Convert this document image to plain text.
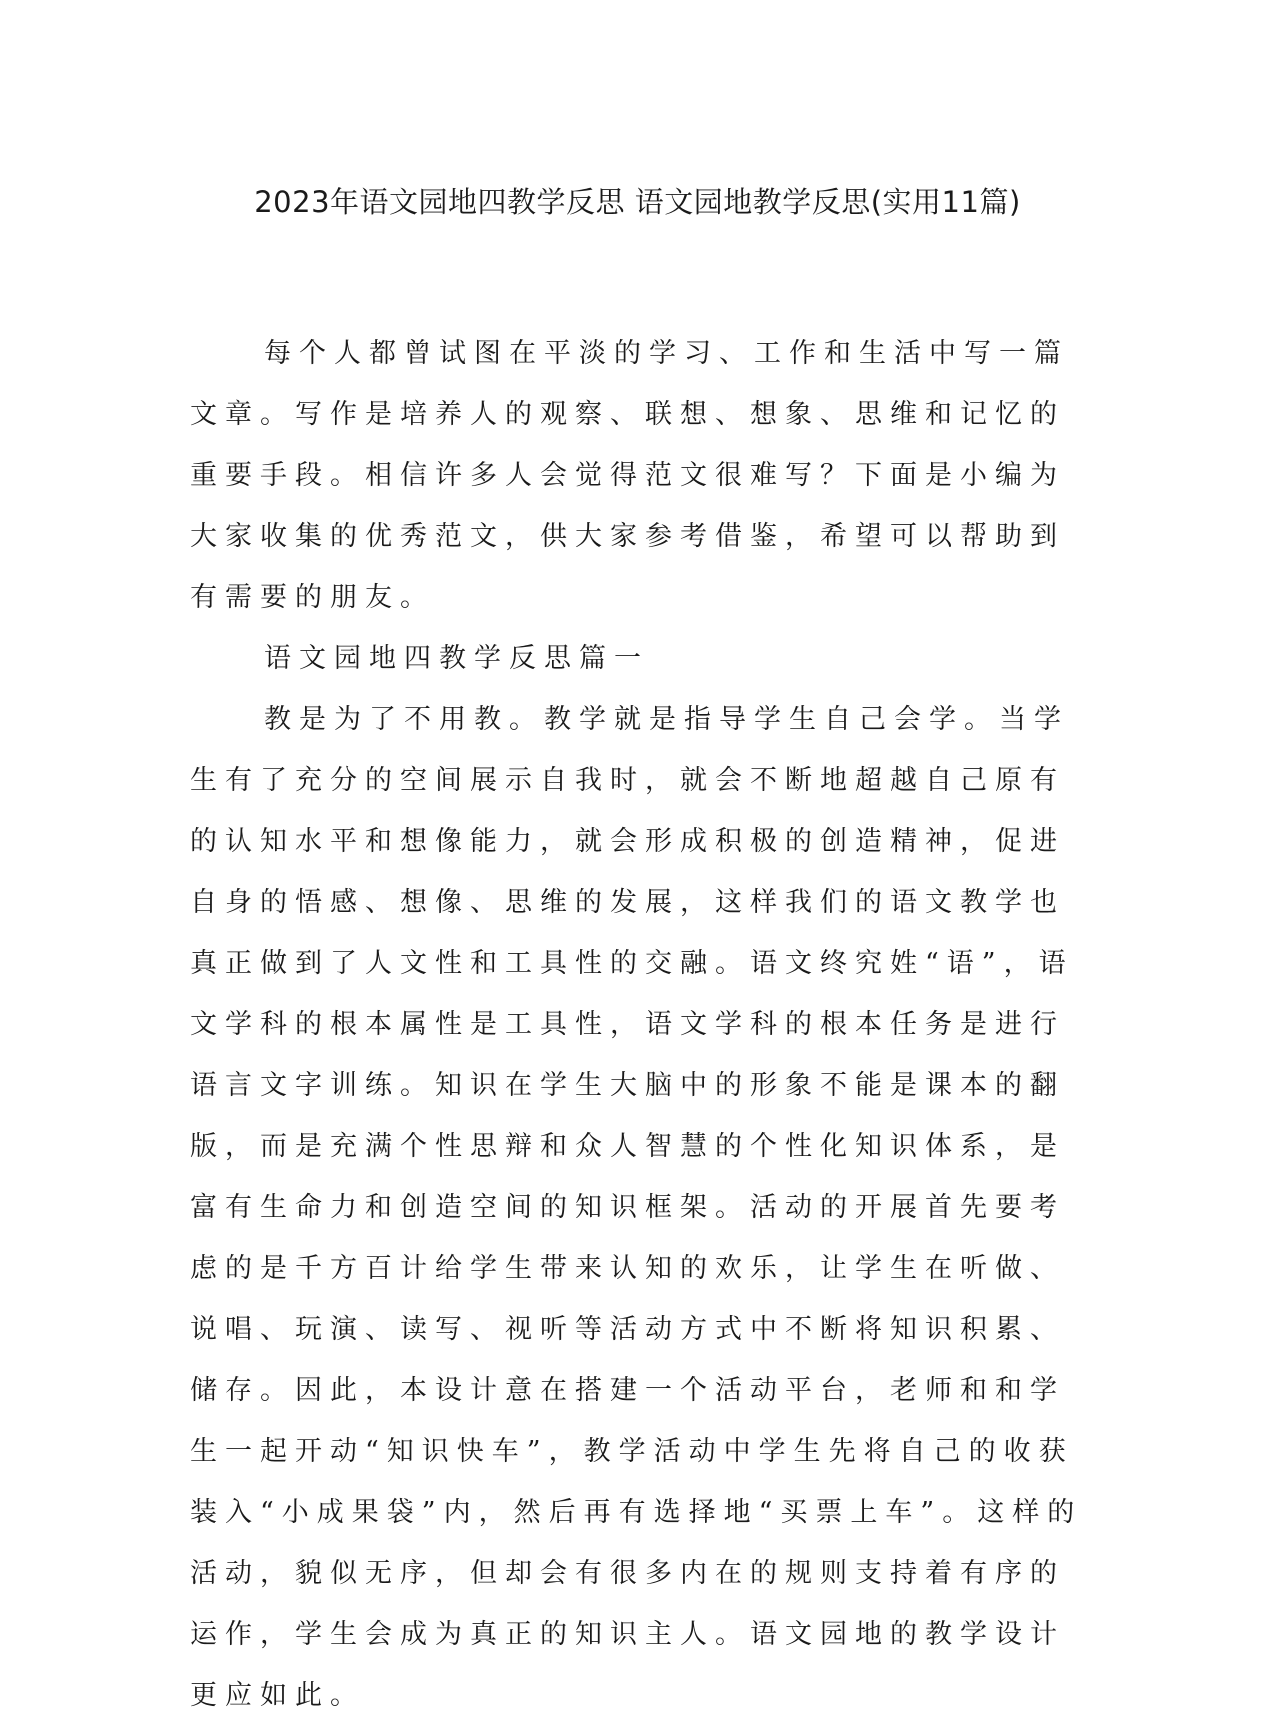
2023年语文园地四教学反思 语文园地教学反思(实用11篇)

每个人都曾试图在平淡的学习、工作和生活中写一篇文章。写作是培养人的观察、联想、想象、思维和记忆的重要手段。相信许多人会觉得范文很难写？下面是小编为大家收集的优秀范文，供大家参考借鉴，希望可以帮助到有需要的朋友。

语文园地四教学反思篇一

教是为了不用教。教学就是指导学生自己会学。当学生有了充分的空间展示自我时，就会不断地超越自己原有的认知水平和想像能力，就会形成积极的创造精神，促进自身的悟感、想像、思维的发展，这样我们的语文教学也真正做到了人文性和工具性的交融。语文终究姓“语”，语文学科的根本属性是工具性，语文学科的根本任务是进行语言文字训练。知识在学生大脑中的形象不能是课本的翻版，而是充满个性思辩和众人智慧的个性化知识体系，是富有生命力和创造空间的知识框架。活动的开展首先要考虑的是千方百计给学生带来认知的欢乐，让学生在听做、说唱、玩演、读写、视听等活动方式中不断将知识积累、储存。因此，本设计意在搭建一个活动平台，老师和和学生一起开动“知识快车”，教学活动中学生先将自己的收获装入“小成果袋”内，然后再有选择地“买票上车”。这样的活动，貌似无序，但却会有很多内在的规则支持着有序的运作，学生会成为真正的知识主人。语文园地的教学设计更应如此。
